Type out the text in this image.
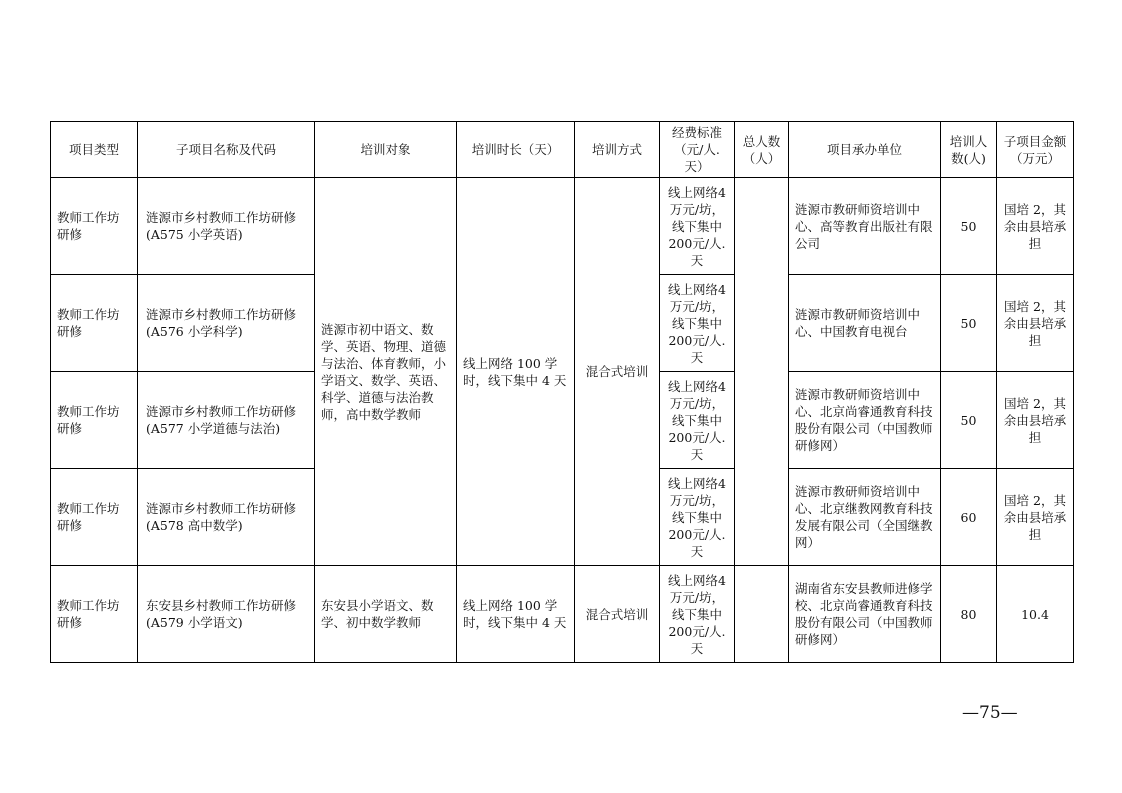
项目类型	子项目名称及代码	培训对象	培训时长（天）	培训方式	经费标准（元/人.天）	总人数（人）	项目承办单位	培训人数(人)	子项目金额（万元）
教师工作坊研修	涟源市乡村教师工作坊研修(A575 小学英语)	涟源市初中语文、数学、英语、物理、道德与法治、体育教师，小学语文、数学、英语、科学、道德与法治教师，高中数学教师	线上网络 100 学时，线下集中 4 天	混合式培训	线上网络4万元/坊，线下集中200元/人.天		涟源市教研师资培训中心、高等教育出版社有限公司	50	国培 2，其余由县培承担
教师工作坊研修	涟源市乡村教师工作坊研修(A576 小学科学)				线上网络4万元/坊，线下集中200元/人.天		涟源市教研师资培训中心、中国教育电视台	50	国培 2，其余由县培承担
教师工作坊研修	涟源市乡村教师工作坊研修(A577 小学道德与法治)				线上网络4万元/坊，线下集中200元/人.天		涟源市教研师资培训中心、北京尚睿通教育科技股份有限公司（中国教师研修网）	50	国培 2，其余由县培承担
教师工作坊研修	涟源市乡村教师工作坊研修(A578 高中数学)				线上网络4万元/坊，线下集中200元/人.天		涟源市教研师资培训中心、北京继教网教育科技发展有限公司（全国继教网）	60	国培 2，其余由县培承担
教师工作坊研修	东安县乡村教师工作坊研修(A579 小学语文)	东安县小学语文、数学、初中数学教师	线上网络 100 学时，线下集中 4 天	混合式培训	线上网络4万元/坊，线下集中200元/人.天		湖南省东安县教师进修学校、北京尚睿通教育科技股份有限公司（中国教师研修网）	80	10.4
—75—
